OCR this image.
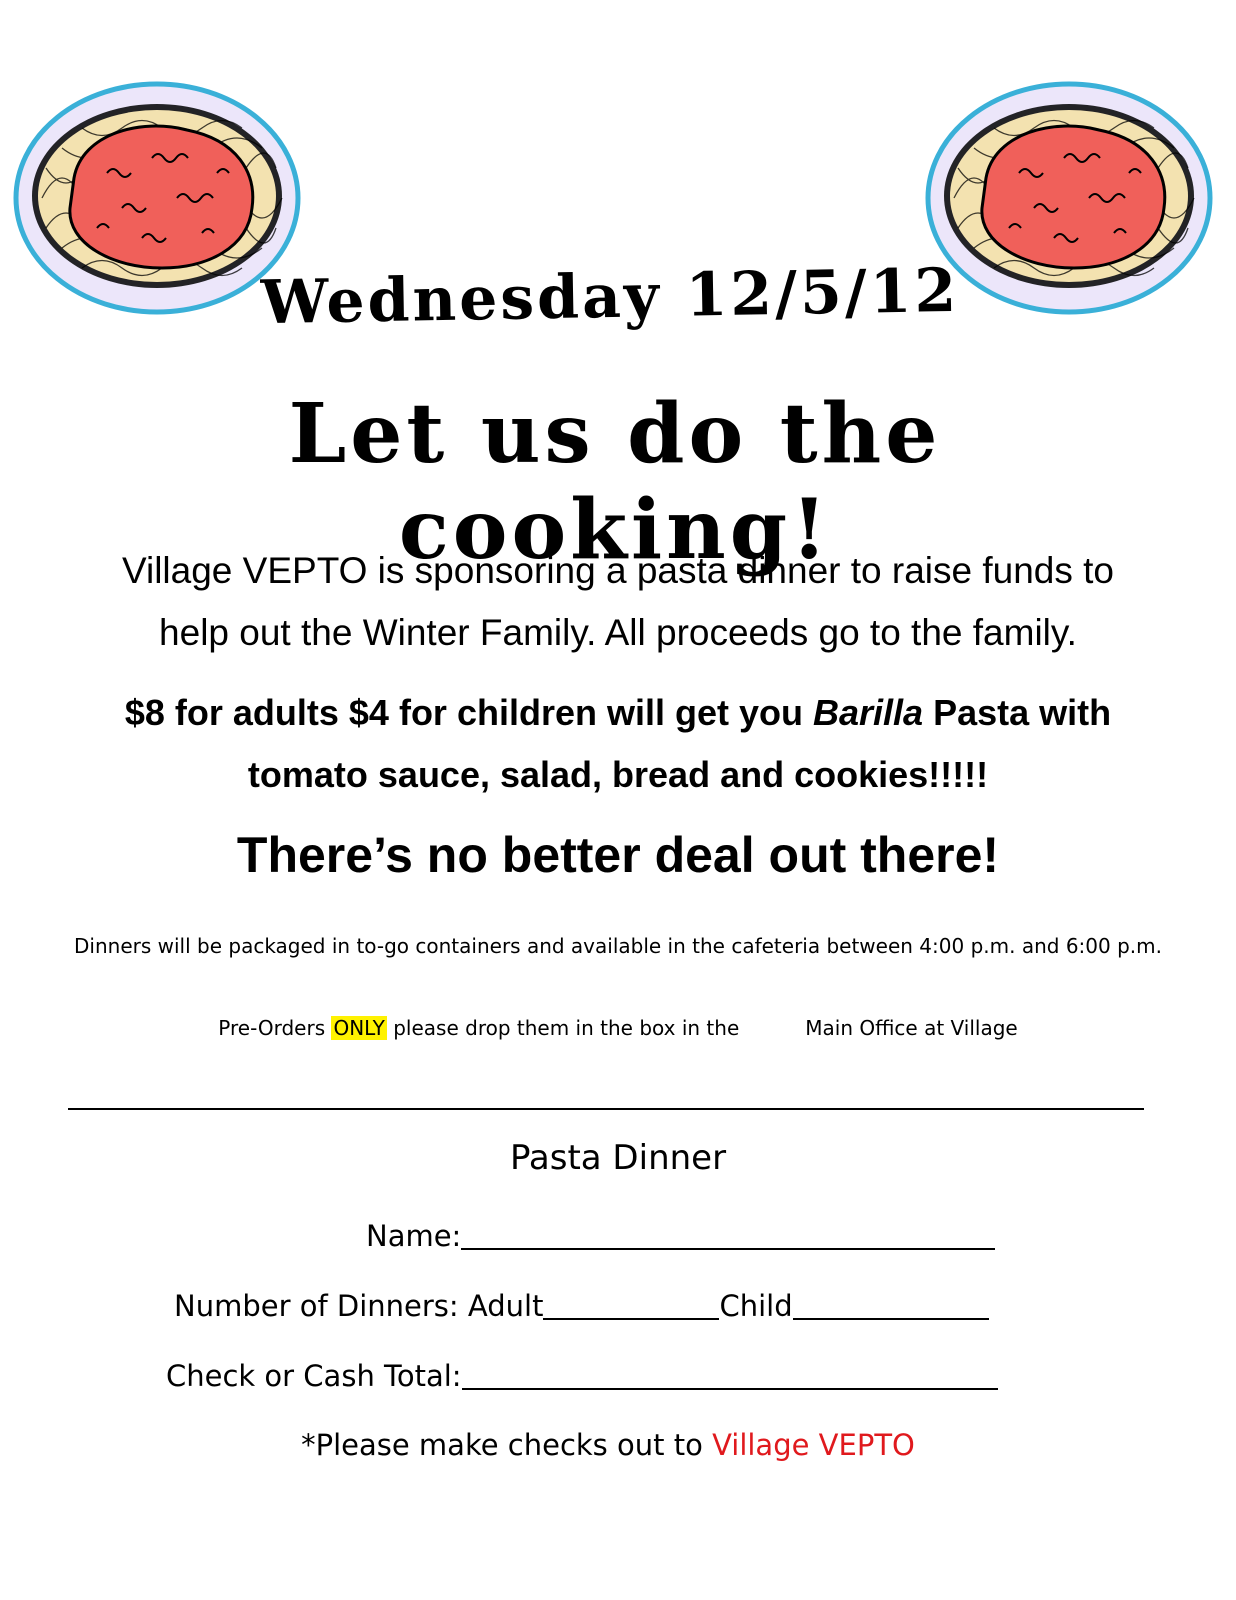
Wednesday 12/5/12
Let us do the cooking!
Village VEPTO is sponsoring a pasta dinner to raise funds to
help out the Winter Family. All proceeds go to the family.
$8 for adults $4 for children will get you Barilla Pasta with
tomato sauce, salad, bread and cookies!!!!!
There’s no better deal out there!
Dinners will be packaged in to-go containers and available in the cafeteria between 4:00 p.m. and 6:00 p.m.
Pre-Orders ONLY please drop them in the box in the	Main Office at Village
Pasta Dinner
Name:
Number of Dinners: Adult	Child
Check or Cash Total:
*Please make checks out to Village VEPTO
